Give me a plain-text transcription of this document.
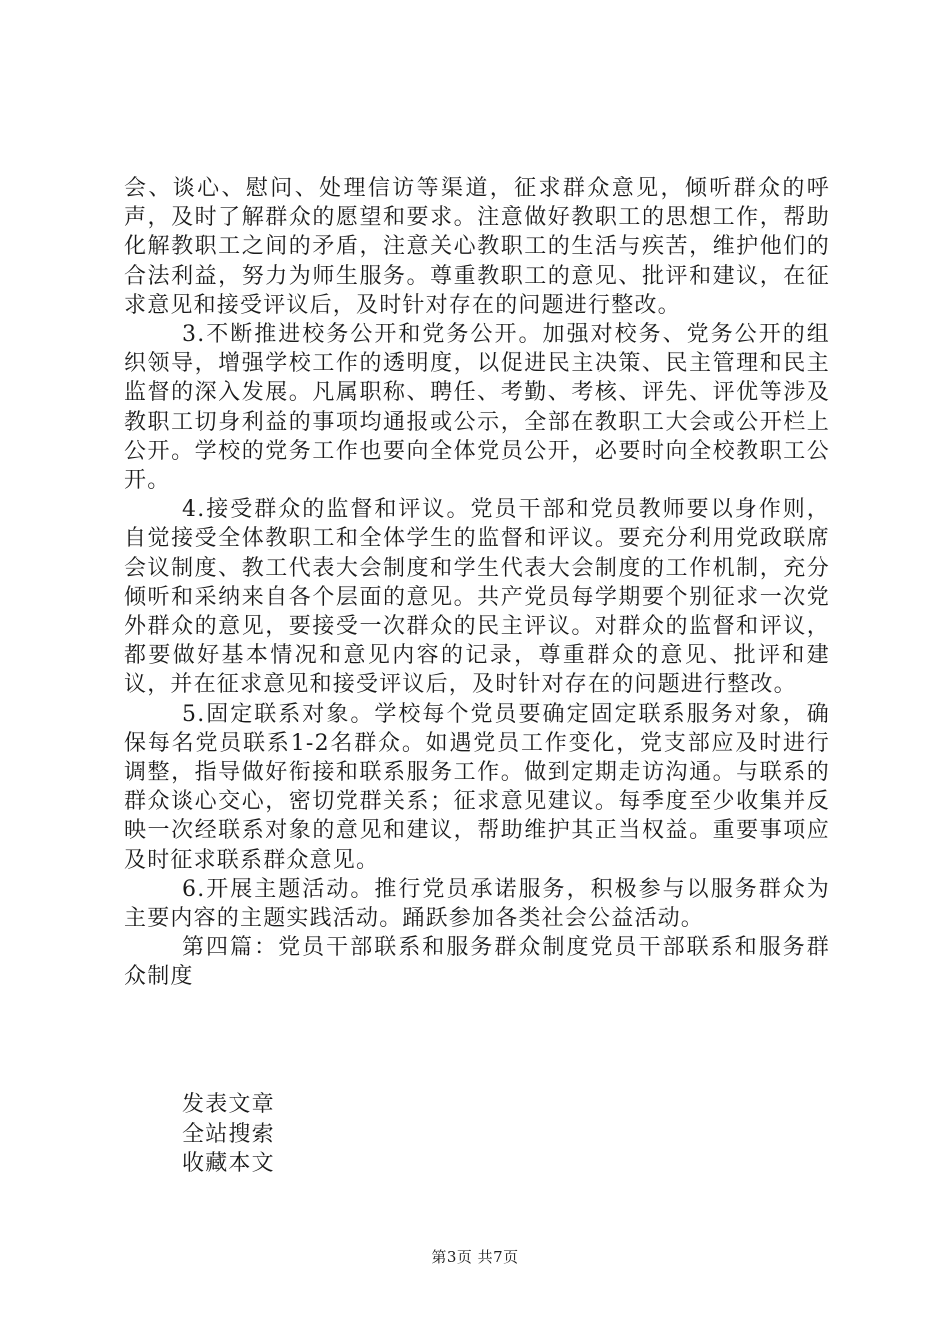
会、谈心、慰问、处理信访等渠道，征求群众意见，倾听群众的呼声，及时了解群众的愿望和要求。注意做好教职工的思想工作，帮助化解教职工之间的矛盾，注意关心教职工的生活与疾苦，维护他们的合法利益，努力为师生服务。尊重教职工的意见、批评和建议，在征求意见和接受评议后，及时针对存在的问题进行整改。

3.不断推进校务公开和党务公开。加强对校务、党务公开的组织领导，增强学校工作的透明度，以促进民主决策、民主管理和民主监督的深入发展。凡属职称、聘任、考勤、考核、评先、评优等涉及教职工切身利益的事项均通报或公示，全部在教职工大会或公开栏上公开。学校的党务工作也要向全体党员公开，必要时向全校教职工公开。

4.接受群众的监督和评议。党员干部和党员教师要以身作则，自觉接受全体教职工和全体学生的监督和评议。要充分利用党政联席会议制度、教工代表大会制度和学生代表大会制度的工作机制，充分倾听和采纳来自各个层面的意见。共产党员每学期要个别征求一次党外群众的意见，要接受一次群众的民主评议。对群众的监督和评议，都要做好基本情况和意见内容的记录，尊重群众的意见、批评和建议，并在征求意见和接受评议后，及时针对存在的问题进行整改。

5.固定联系对象。学校每个党员要确定固定联系服务对象，确保每名党员联系1-2名群众。如遇党员工作变化，党支部应及时进行调整，指导做好衔接和联系服务工作。做到定期走访沟通。与联系的群众谈心交心，密切党群关系；征求意见建议。每季度至少收集并反映一次经联系对象的意见和建议，帮助维护其正当权益。重要事项应及时征求联系群众意见。

6.开展主题活动。推行党员承诺服务，积极参与以服务群众为主要内容的主题实践活动。踊跃参加各类社会公益活动。

第四篇：党员干部联系和服务群众制度党员干部联系和服务群众制度

发表文章
全站搜索
收藏本文
第3页 共7页
